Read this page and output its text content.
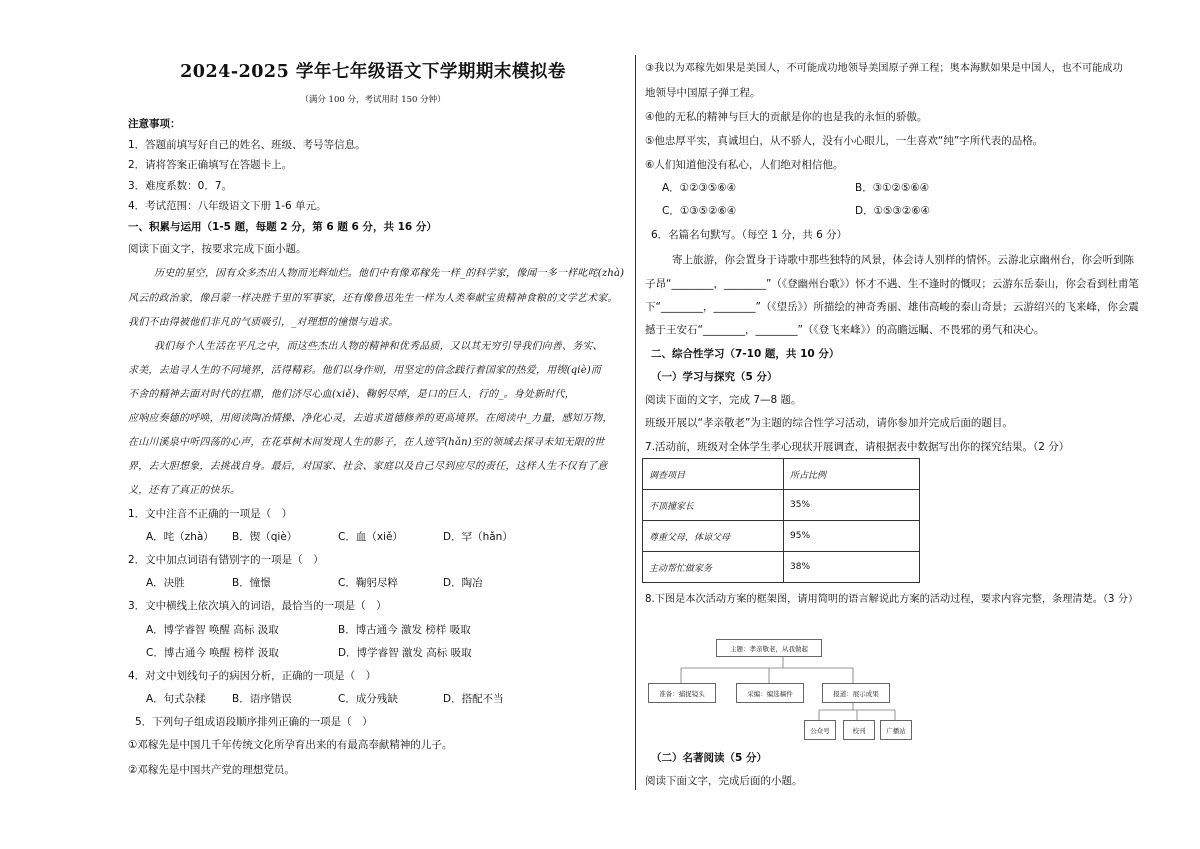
2024-2025 学年七年级语文下学期期末模拟卷
（满分 100 分，考试用时 150 分钟）
注意事项：
1．答题前填写好自己的姓名、班级、考号等信息。
2．请将答案正确填写在答题卡上。
3．难度系数：0．7。
4．考试范围：八年级语文下册 1-6 单元。
一、积累与运用（1-5 题，每题 2 分，第 6 题 6 分，共 16 分）
阅读下面文字，按要求完成下面小题。
历史的星空，因有众多杰出人物而光辉灿烂。他们中有像邓稼先一样_的科学家，像闻一多一样叱咤(zhà)
风云的政治家，像吕蒙一样决胜千里的军事家，还有像鲁迅先生一样为人类奉献宝贵精神食粮的文学艺术家。
我们不由得被他们非凡的气质吸引，_对理想的憧憬与追求。
我们每个人生活在平凡之中，而这些杰出人物的精神和优秀品质，又以其无穷引导我们向善、务实、
求美，去追寻人生的不同境界，活得精彩。他们以身作则，用坚定的信念践行着国家的热爱，用锲(qiè)而
不舍的精神去面对时代的扛鼎，他们济尽心血(xiě)、鞠躬尽瘁，是口的巨人，行的_。身处新时代，
应响应奏德的呼唤，用阅读陶冶情操、净化心灵，去追求道德修养的更高境界。在阅读中_力量，感知万物，
在山川溪泉中听四荡的心声，在花草树木间发现人生的影子，在人迹罕(hǎn)至的领域去探寻未知无限的世
界，去大胆想象，去挑战自身。最后，对国家、社会、家庭以及自己尽到应尽的责任，这样人生不仅有了意
义，还有了真正的快乐。
1．文中注音不正确的一项是（　）
A．咤（zhà） B．锲（qiè）	C．血（xiě）	D．罕（hǎn）
2．文中加点词语有错别字的一项是（　）
A．决胜	B．憧憬	C．鞠躬尽粹	D．陶冶
3．文中横线上依次填入的词语，最恰当的一项是（　）
A．博学睿智 唤醒 高标 汲取	B．博古通今 激发 榜样 吸取
C．博古通今 唤醒 榜样 汲取	D．博学睿智 激发 高标 吸取
4．对文中划线句子的病因分析，正确的一项是（　）
A．句式杂糅	B．语序错误	C．成分残缺	D．搭配不当
5．下列句子组成语段顺序排列正确的一项是（　）
①邓稼先是中国几千年传统文化所孕育出来的有最高奉献精神的儿子。
②邓稼先是中国共产党的理想党员。
③我以为邓稼先如果是美国人，不可能成功地领导美国原子弹工程；奥本海默如果是中国人，也不可能成功
地领导中国原子弹工程。
④他的无私的精神与巨大的贡献是你的也是我的永恒的骄傲。
⑤他忠厚平实，真诚坦白，从不骄人，没有小心眼儿，一生喜欢“纯”字所代表的品格。
⑥人们知道他没有私心，人们绝对相信他。
A．①②③⑤⑥④	B．③①②⑤⑥④
C．①③⑤②⑥④	D．①⑤③②⑥④
6．名篇名句默写。（每空 1 分，共 6 分）
寄上旅游，你会置身于诗歌中那些独特的风景，体会诗人别样的情怀。云游北京幽州台，你会听到陈
子昂“________，________”（《登幽州台歌》）怀才不遇、生不逢时的慨叹；云游东岳泰山，你会看到杜甫笔
下“________，________”（《望岳》）所描绘的神奇秀丽、雄伟高峻的泰山奇景；云游绍兴的飞来峰，你会震
撼于王安石“________，________”（《登飞来峰》）的高瞻远瞩、不畏邪的勇气和决心。
二、综合性学习（7-10 题，共 10 分）
（一）学习与探究（5 分）
阅读下面的文字，完成 7—8 题。
班级开展以“孝亲敬老”为主题的综合性学习活动，请你参加并完成后面的题目。
7.活动前，班级对全体学生孝心现状开展调查，请根据表中数据写出你的探究结果。（2 分）
调查项目	所占比例
不顶撞家长	35%
尊重父母，体谅父母	95%
主动帮忙做家务	38%
8.下图是本次活动方案的框架图，请用简明的语言解说此方案的活动过程，要求内容完整，条理清楚。（3 分）
主题：孝亲敬老，从我做起
准备：捕捉镜头	采编：编选稿件	报道：展示成果
公众号	校刊	广播站
（二）名著阅读（5 分）
阅读下面文字，完成后面的小题。
